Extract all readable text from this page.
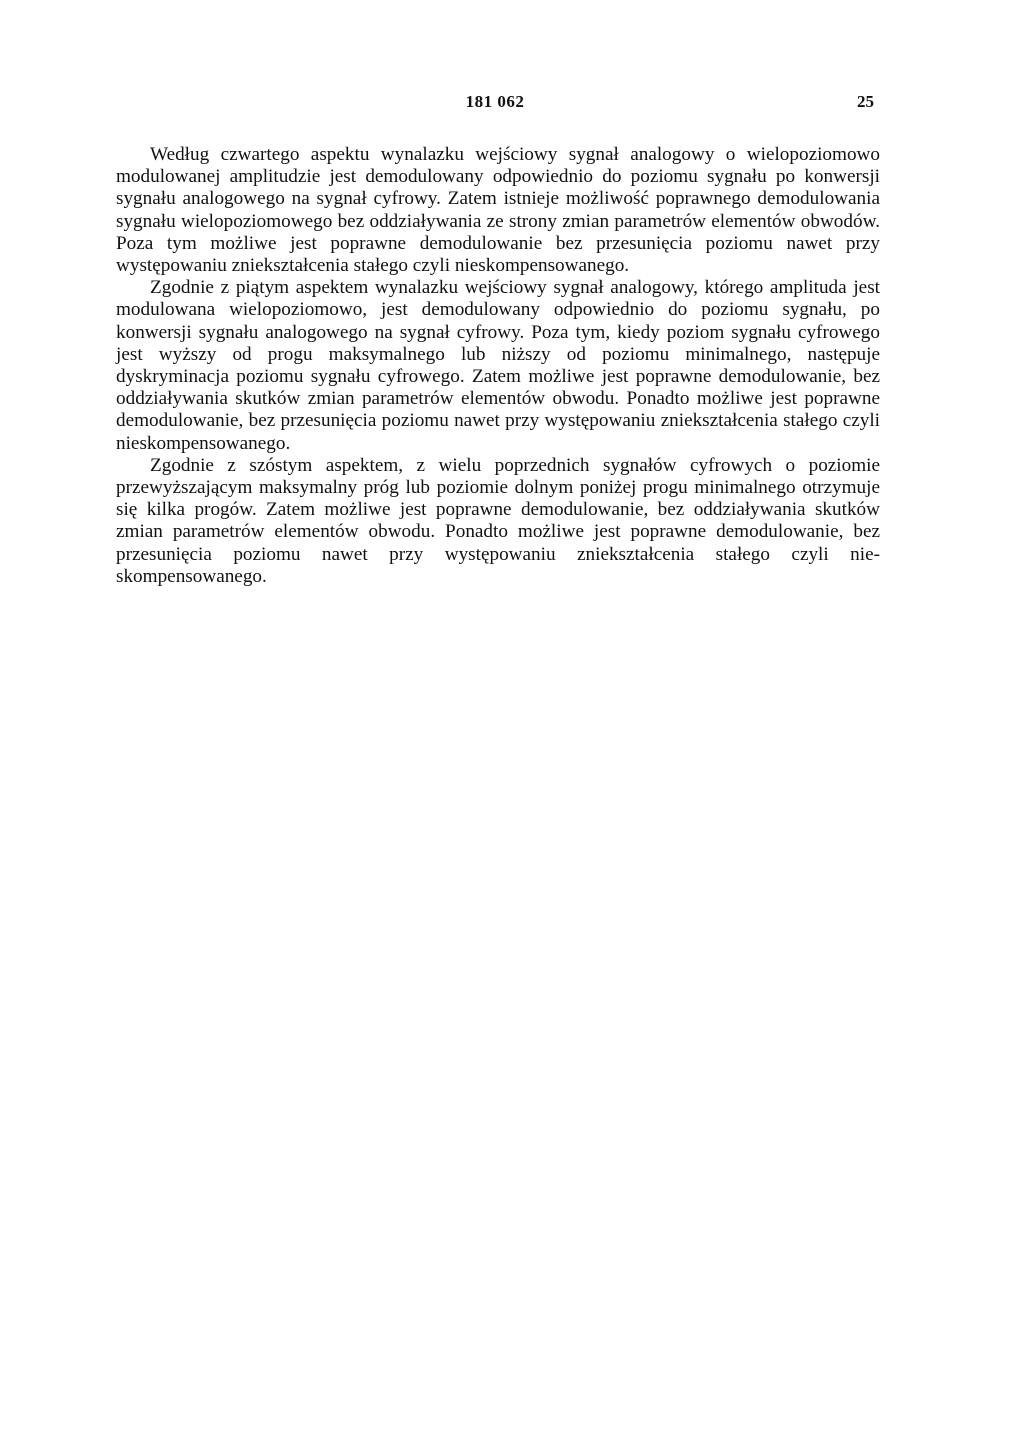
181 062	25

Według czwartego aspektu wynalazku wejściowy sygnał analogowy o wielopoziomowo modulowanej amplitudzie jest demodulowany odpowiednio do poziomu sygnału po konwersji sygnału analogowego na sygnał cyfrowy. Zatem istnieje możliwość poprawnego demodulowania sygnału wielopoziomowego bez oddziaływania ze strony zmian parametrów elementów obwodów. Poza tym możliwe jest poprawne demodulowanie bez przesunięcia poziomu nawet przy występowaniu zniekształcenia stałego czyli nieskompensowanego.

Zgodnie z piątym aspektem wynalazku wejściowy sygnał analogowy, którego amplituda jest modulowana wielopoziomowo, jest demodulowany odpowiednio do poziomu sygnału, po konwersji sygnału analogowego na sygnał cyfrowy. Poza tym, kiedy poziom sygnału cyfrowego jest wyższy od progu maksymalnego lub niższy od poziomu minimalnego, następuje dyskryminacja poziomu sygnału cyfrowego. Zatem możliwe jest poprawne demodulowanie, bez oddziaływania skutków zmian parametrów elementów obwodu. Ponadto możliwe jest poprawne demodulowanie, bez przesunięcia poziomu nawet przy występowaniu zniekształcenia stałego czyli nieskompensowanego.

Zgodnie z szóstym aspektem, z wielu poprzednich sygnałów cyfrowych o poziomie przewyższającym maksymalny próg lub poziomie dolnym poniżej progu minimalnego otrzymuje się kilka progów. Zatem możliwe jest poprawne demodulowanie, bez oddziaływania skutków zmian parametrów elementów obwodu. Ponadto możliwe jest poprawne demodulowanie, bez przesunięcia poziomu nawet przy występowaniu zniekształcenia stałego czyli nieskompensowanego.
